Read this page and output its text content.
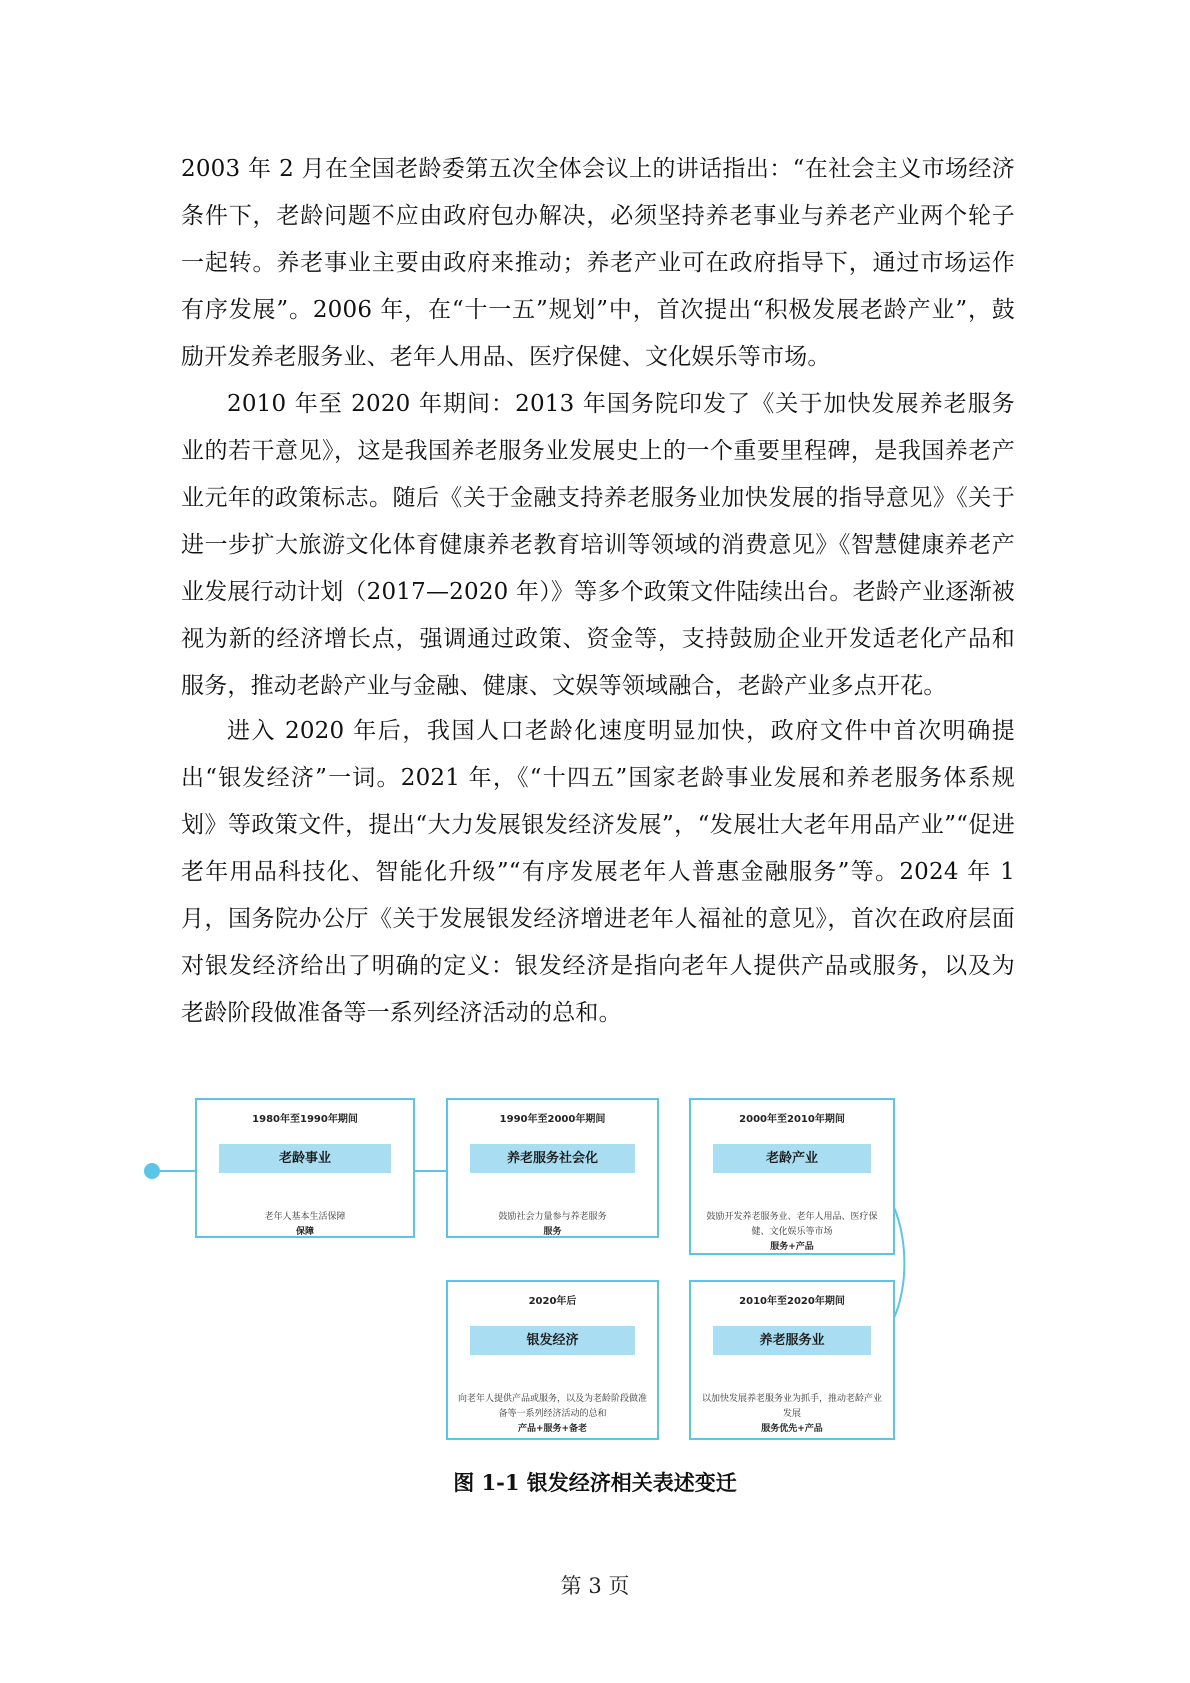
2003 年 2 月在全国老龄委第五次全体会议上的讲话指出：“在社会主义市场经济条件下，老龄问题不应由政府包办解决，必须坚持养老事业与养老产业两个轮子一起转。养老事业主要由政府来推动；养老产业可在政府指导下，通过市场运作有序发展”。2006 年，在“十一五”规划”中，首次提出“积极发展老龄产业”，鼓励开发养老服务业、老年人用品、医疗保健、文化娱乐等市场。

2010 年至 2020 年期间：2013 年国务院印发了《关于加快发展养老服务业的若干意见》，这是我国养老服务业发展史上的一个重要里程碑，是我国养老产业元年的政策标志。随后《关于金融支持养老服务业加快发展的指导意见》《关于进一步扩大旅游文化体育健康养老教育培训等领域的消费意见》《智慧健康养老产业发展行动计划（2017—2020 年）》等多个政策文件陆续出台。老龄产业逐渐被视为新的经济增长点，强调通过政策、资金等，支持鼓励企业开发适老化产品和服务，推动老龄产业与金融、健康、文娱等领域融合，老龄产业多点开花。

进入 2020 年后，我国人口老龄化速度明显加快，政府文件中首次明确提出“银发经济”一词。2021 年，《“十四五”国家老龄事业发展和养老服务体系规划》等政策文件，提出“大力发展银发经济发展”，“发展壮大老年用品产业”“促进老年用品科技化、智能化升级”“有序发展老年人普惠金融服务”等。2024 年 1 月，国务院办公厅《关于发展银发经济增进老年人福祉的意见》，首次在政府层面对银发经济给出了明确的定义：银发经济是指向老年人提供产品或服务，以及为老龄阶段做准备等一系列经济活动的总和。

1980年至1990年期间
老龄事业
老年人基本生活保障
保障
1990年至2000年期间
养老服务社会化
鼓励社会力量参与养老服务
服务
2000年至2010年期间
老龄产业
鼓励开发养老服务业、老年人用品、医疗保健、文化娱乐等市场
服务+产品
2020年后
银发经济
向老年人提供产品或服务，以及为老龄阶段做准备等一系列经济活动的总和
产品+服务+备老
2010年至2020年期间
养老服务业
以加快发展养老服务业为抓手，推动老龄产业发展
服务优先+产品
图 1-1 银发经济相关表述变迁
第 3 页
